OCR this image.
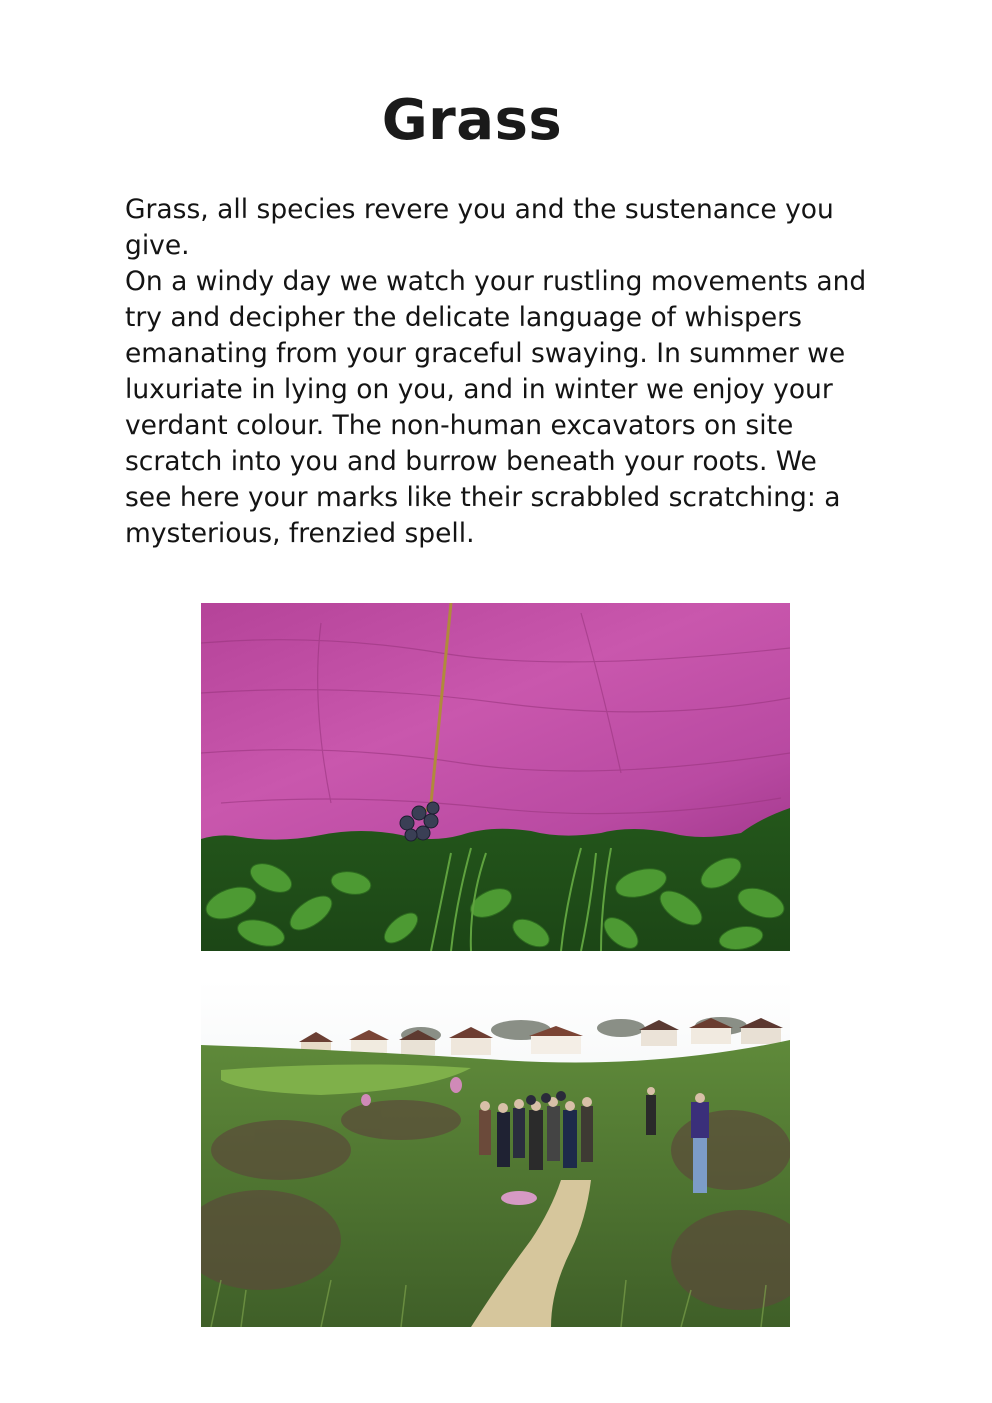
Grass

Grass, all species revere you and the sustenance you give.

On a windy day we watch your rustling movements and try and decipher the delicate language of whispers emanating from your graceful swaying. In summer we luxuriate in lying on you, and in winter we enjoy your verdant colour. The non-human excavators on site scratch into you and burrow beneath your roots. We see here your marks like their scrabbled scratching: a mysterious, frenzied spell.
